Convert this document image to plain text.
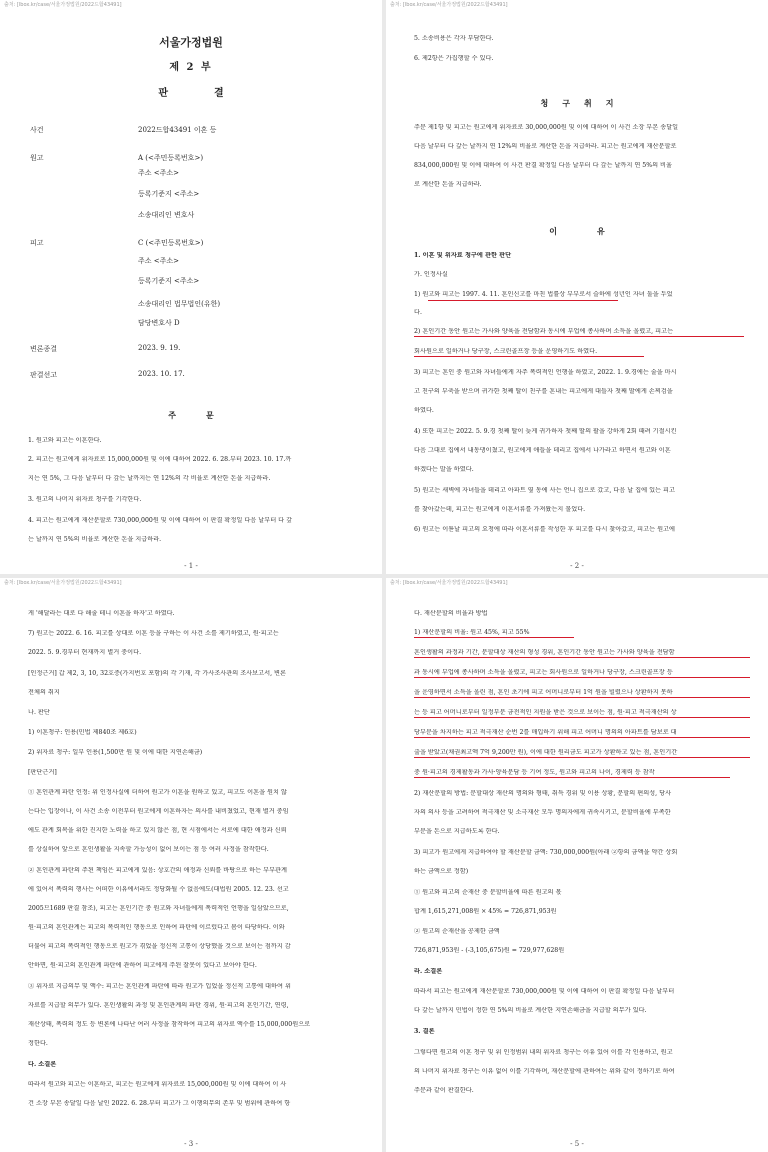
출처: [lbox.kr/case/서울가정법원/2022드합43491]
서울가정법원
제 2 부
판결
사건	2022드합43491 이혼 등
원고	A (<주민등록번호>)
주소 <주소>
등록기준지 <주소>
소송대리인 변호사
피고	C (<주민등록번호>)
주소 <주소>
등록기준지 <주소>
소송대리인 법무법인(유한)
담당변호사 D
변론종결	2023. 9. 19.
판결선고	2023. 10. 17.
주문
1. 원고와 피고는 이혼한다.
2. 피고는 원고에게 위자료로 15,000,000원 및 이에 대하여 2022. 6. 28.부터 2023. 10. 17.까
지는 연 5%, 그 다음 날부터 다 갚는 날까지는 연 12%의 각 비율로 계산한 돈을 지급하라.
3. 원고의 나머지 위자료 청구를 기각한다.
4. 피고는 원고에게 재산분할로 730,000,000원 및 이에 대하여 이 판결 확정일 다음 날부터 다 갚
는 날까지 연 5%의 비율로 계산한 돈을 지급하라.
- 1 -
출처: [lbox.kr/case/서울가정법원/2022드합43491]
5. 소송비용은 각자 부담한다.
6. 제2항은 가집행할 수 있다.
청구취지
주문 제1항 및 피고는 원고에게 위자료로 30,000,000원 및 이에 대하여 이 사건 소장 부본 송달일
다음 날부터 다 갚는 날까지 연 12%의 비율로 계산한 돈을 지급하라. 피고는 원고에게 재산분할로
834,000,000원 및 이에 대하여 이 사건 판결 확정일 다음 날부터 다 갚는 날까지 연 5%의 비율
로 계산한 돈을 지급하라.
이유
1. 이혼 및 위자료 청구에 관한 판단
가. 인정사실
1) 원고와 피고는 1997. 4. 11. 혼인신고를 마친 법률상 부부로서 슬하에 성년인 자녀 둘을 두었
다.
2) 혼인기간 동안 원고는 가사와 양육을 전담함과 동시에 부업에 종사하며 소득을 올렸고, 피고는
회사원으로 일하거나 당구장, 스크린골프장 등을 운영하기도 하였다.
3) 피고는 혼인 중 원고와 자녀들에게 자주 폭력적인 언행을 하였고, 2022. 1. 9.경에는 술을 마시
고 친구의 부축을 받으며 귀가한 첫째 딸이 친구를 혼내는 피고에게 대들자 첫째 딸에게 손찌검을
하였다.
4) 또한 피고는 2022. 5. 9.경 첫째 딸이 늦게 귀가하자 첫째 딸의 팔을 강하게 2회 때려 기절시킨
다음 그대로 집에서 내동댕이쳤고, 원고에게 애들을 데리고 집에서 나가라고 하면서 원고와 이혼
하겠다는 말을 하였다.
5) 원고는 새벽에 자녀들을 데리고 아파트 옆 동에 사는 언니 집으로 갔고, 다음 날 집에 있는 피고
를 찾아갔는데, 피고는 원고에게 이혼서류를 가져왔는지 물었다.
6) 원고는 이튿날 피고의 요청에 따라 이혼서류를 작성한 후 피고를 다시 찾아갔고, 피고는 원고에
- 2 -
출처: [lbox.kr/case/서울가정법원/2022드합43491]
게 '해달라는 대로 다 해줄 테니 이혼을 하자'고 하였다.
7) 원고는 2022. 6. 16. 피고를 상대로 이혼 등을 구하는 이 사건 소를 제기하였고, 원·피고는
2022. 5. 9.경부터 현재까지 별거 중이다.
[인정근거] 갑 제2, 3, 10, 32호증(가지번호 포함)의 각 기재, 각 가사조사관의 조사보고서, 변론
전체의 취지
나. 판단
1) 이혼청구: 인용(민법 제840조 제6호)
2) 위자료 청구: 일부 인용(1,500만 원 및 이에 대한 지연손해금)
[판단근거]
① 혼인관계 파탄 인정: 위 인정사실에 더하여 원고가 이혼을 원하고 있고, 피고도 이혼을 원치 않
는다는 입장이나, 이 사건 소송 이전부터 원고에게 이혼하자는 의사를 내비쳤었고, 현재 별거 중임
에도 관계 회복을 위한 진지한 노력을 하고 있지 않은 점, 현 시점에서는 서로에 대한 애정과 신뢰
를 상실하여 앞으로 혼인생활을 지속할 가능성이 없어 보이는 점 등 여러 사정을 참작한다.
② 혼인관계 파탄의 주된 책임은 피고에게 있음: 상호간의 애정과 신뢰를 바탕으로 하는 부부관계
에 있어서 폭력의 행사는 어떠한 이유에서라도 정당화될 수 없음에도(대법원 2005. 12. 23. 선고
2005므1689 판결 참조), 피고는 혼인기간 중 원고와 자녀들에게 폭력적인 언행을 일삼았으므로,
원·피고의 혼인관계는 피고의 폭력적인 행동으로 인하여 파탄에 이르렀다고 봄이 타당하다. 이와
더불어 피고의 폭력적인 행동으로 원고가 겪었을 정신적 고통이 상당했을 것으로 보이는 점까지 감
안하면, 원·피고의 혼인관계 파탄에 관하여 피고에게 주된 잘못이 있다고 보아야 한다.
③ 위자료 지급의무 및 액수: 피고는 혼인관계 파탄에 따라 원고가 입었을 정신적 고통에 대하여 위
자료를 지급할 의무가 있다. 혼인생활의 과정 및 혼인관계의 파탄 경위, 원·피고의 혼인기간, 연령,
재산상태, 폭력의 정도 등 변론에 나타난 여러 사정을 참작하여 피고의 위자료 액수를 15,000,000원으로
정한다.
다. 소결론
따라서 원고와 피고는 이혼하고, 피고는 원고에게 위자료로 15,000,000원 및 이에 대하여 이 사
건 소장 부본 송달일 다음 날인 2022. 6. 28.부터 피고가 그 이행의무의 존부 및 범위에 관하여 항
- 3 -
출처: [lbox.kr/case/서울가정법원/2022드합43491]
다. 재산분할의 비율과 방법
1) 재산분할의 비율: 원고 45%, 피고 55%
혼인생활의 과정과 기간, 분할대상 재산의 형성 경위, 혼인기간 동안 원고는 가사와 양육을 전담함
과 동시에 부업에 종사하며 소득을 올렸고, 피고는 회사원으로 일하거나 당구장, 스크린골프장 등
을 운영하면서 소득을 올린 점, 혼인 초기에 피고 어머니로부터 1억 원을 빌렸으나 상환하지 못하
는 등 피고 어머니로부터 일정부분 금전적인 지원을 받은 것으로 보이는 점, 원·피고 적극재산의 상
당부분을 차지하는 피고 적극재산 순번 2를 매입하기 위해 피고 어머니 명의의 아파트를 담보로 대
출을 받았고(채권최고액 7억 9,200만 원), 이에 대한 원리금도 피고가 상환하고 있는 점, 혼인기간
중 원·피고의 경제활동과 가사·양육분담 등 기여 정도, 원고와 피고의 나이, 경제력 등 참작
2) 재산분할의 방법: 분할대상 재산의 명의와 형태, 취득 경위 및 이용 상황, 분할의 편의성, 당사
자의 의사 등을 고려하여 적극재산 및 소극재산 모두 명의자에게 귀속시키고, 분할비율에 부족한
부분을 돈으로 지급하도록 한다.
3) 피고가 원고에게 지급하여야 할 재산분할 금액: 730,000,000원(아래 ②항의 금액을 약간 상회
하는 금액으로 정함)
① 원고와 피고의 순재산 중 분할비율에 따른 원고의 몫
합계 1,615,271,008원 × 45% = 726,871,953원
② 원고의 순재산을 공제한 금액
726,871,953원 - (-3,105,675)원 = 729,977,628원
라. 소결론
따라서 피고는 원고에게 재산분할로 730,000,000원 및 이에 대하여 이 판결 확정일 다음 날부터
다 갚는 날까지 민법이 정한 연 5%의 비율로 계산한 지연손해금을 지급할 의무가 있다.
3. 결론
그렇다면 원고의 이혼 청구 및 위 인정범위 내의 위자료 청구는 이유 있어 이를 각 인용하고, 원고
의 나머지 위자료 청구는 이유 없어 이를 기각하며, 재산분할에 관하여는 위와 같이 정하기로 하여
주문과 같이 판결한다.
- 5 -
